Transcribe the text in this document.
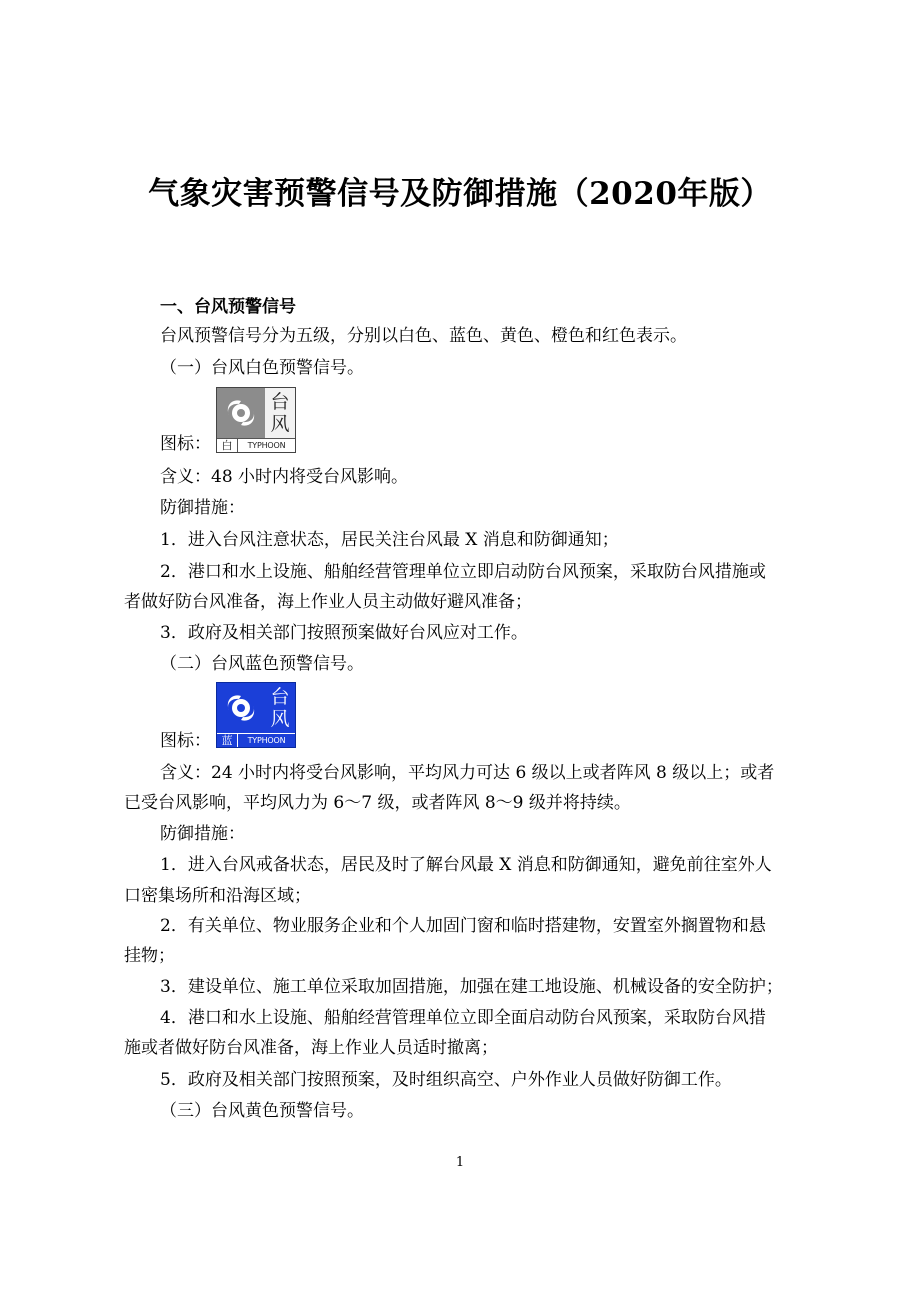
气象灾害预警信号及防御措施（2020年版）

一、台风预警信号

台风预警信号分为五级，分别以白色、蓝色、黄色、橙色和红色表示。

（一）台风白色预警信号。

图标：
台
风
白	TYPHOON

含义：48 小时内将受台风影响。

防御措施：

1．进入台风注意状态，居民关注台风最 X 消息和防御通知；

2．港口和水上设施、船舶经营管理单位立即启动防台风预案，采取防台风措施或

者做好防台风准备，海上作业人员主动做好避风准备；

3．政府及相关部门按照预案做好台风应对工作。

（二）台风蓝色预警信号。

图标：
台
风
蓝	TYPHOON

含义：24 小时内将受台风影响，平均风力可达 6 级以上或者阵风 8 级以上；或者

已受台风影响，平均风力为 6～7 级，或者阵风 8～9 级并将持续。

防御措施：

1．进入台风戒备状态，居民及时了解台风最 X 消息和防御通知，避免前往室外人

口密集场所和沿海区域；

2．有关单位、物业服务企业和个人加固门窗和临时搭建物，安置室外搁置物和悬

挂物；

3．建设单位、施工单位采取加固措施，加强在建工地设施、机械设备的安全防护；

4．港口和水上设施、船舶经营管理单位立即全面启动防台风预案，采取防台风措

施或者做好防台风准备，海上作业人员适时撤离；

5．政府及相关部门按照预案，及时组织高空、户外作业人员做好防御工作。

（三）台风黄色预警信号。

1
